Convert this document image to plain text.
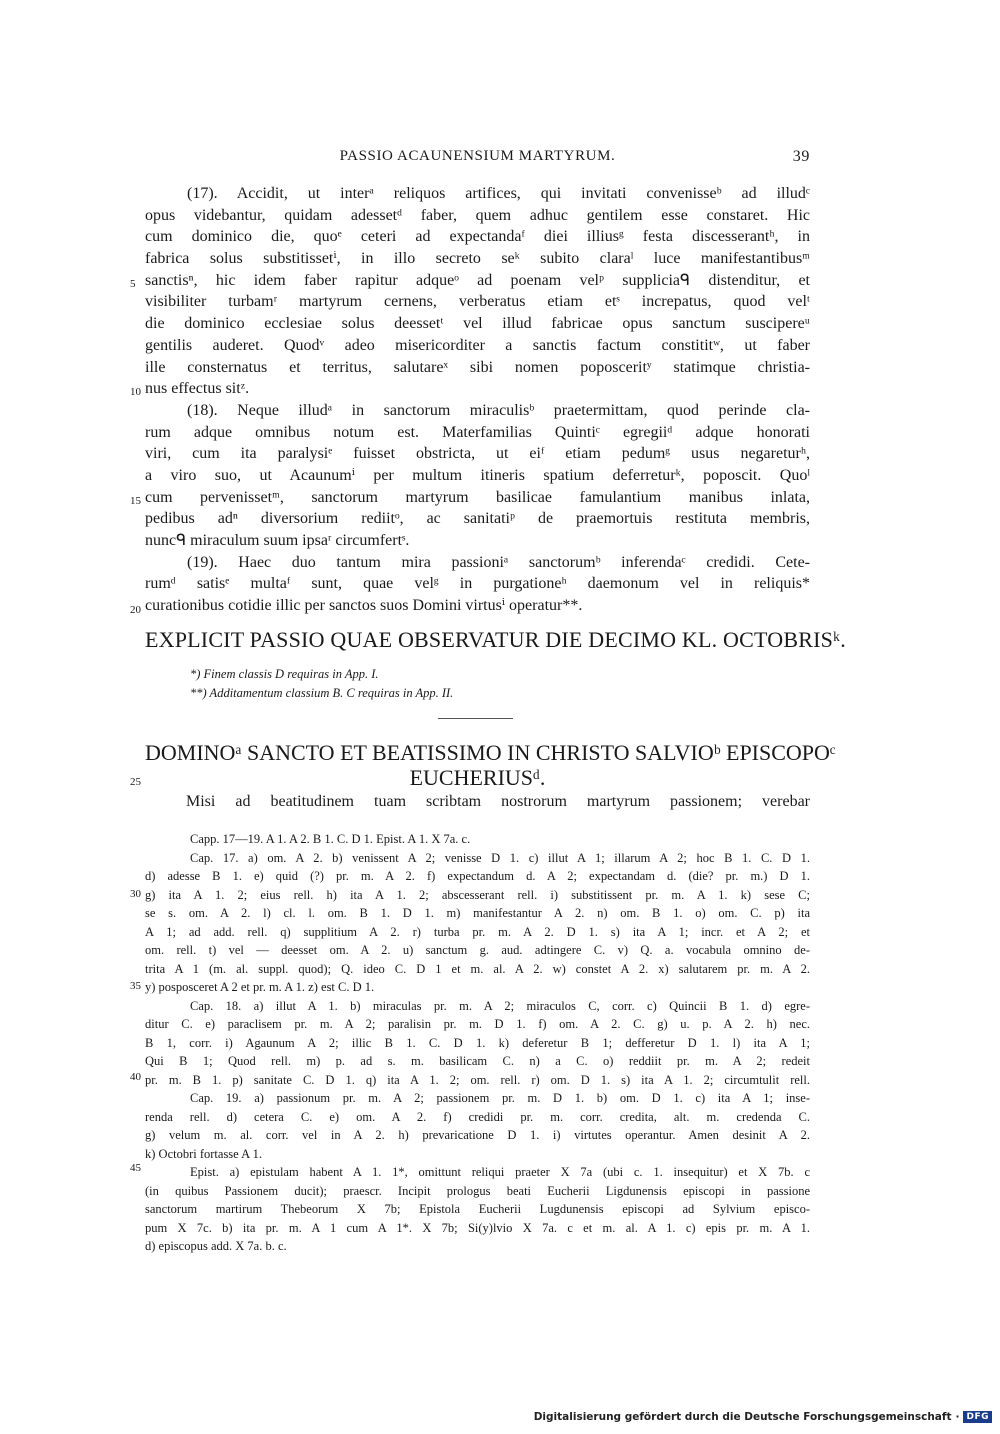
PASSIO ACAUNENSIUM MARTYRUM.	39
(17). Accidit, ut interᵃ reliquos artifices, qui invitati convenisseᵇ ad illudᶜ
opus videbantur, quidam adessetᵈ faber, quem adhuc gentilem esse constaret. Hic
cum dominico die, quoᵉ ceteri ad expectandaᶠ diei illiusᵍ festa discesserantʰ, in
fabrica solus substitissetⁱ, in illo secreto seᵏ subito claraˡ luce manifestantibusᵐ
sanctisⁿ, hic idem faber rapitur adqueᵒ ad poenam velᵖ suppliciaᑫ distenditur, et
visibiliter turbamʳ martyrum cernens, verberatus etiam etˢ increpatus, quod velᵗ
die dominico ecclesiae solus deessetᵗ vel illud fabricae opus sanctum suscipereᵘ
gentilis auderet. Quodᵛ adeo misericorditer a sanctis factum constititʷ, ut faber
ille consternatus et territus, salutareˣ sibi nomen poposceritʸ statimque christia-
nus effectus sitᶻ.
(18). Neque illudᵃ in sanctorum miraculisᵇ praetermittam, quod perinde cla-
rum adque omnibus notum est. Materfamilias Quintiᶜ egregiiᵈ adque honorati
viri, cum ita paralysiᵉ fuisset obstricta, ut eiᶠ etiam pedumᵍ usus negareturʰ,
a viro suo, ut Acaunumⁱ per multum itineris spatium deferreturᵏ, poposcit. Quoˡ
cum pervenissetᵐ, sanctorum martyrum basilicae famulantium manibus inlata,
pedibus adⁿ diversorium rediitᵒ, ac sanitatiᵖ de praemortuis restituta membris,
nuncᑫ miraculum suum ipsaʳ circumfertˢ.
(19). Haec duo tantum mira passioniᵃ sanctorumᵇ inferendaᶜ credidi. Cete-
rumᵈ satisᵉ multaᶠ sunt, quae velᵍ in purgationeʰ daemonum vel in reliquis*
curationibus cotidie illic per sanctos suos Domini virtusⁱ operatur**.
5
10
15
20
25
30
35
40
45
EXPLICIT PASSIO QUAE OBSERVATUR DIE DECIMO KL. OCTOBRISᵏ.
*) Finem classis D requiras in App. I.
**) Additamentum classium B. C requiras in App. II.
DOMINOᵃ SANCTO ET BEATISSIMO IN CHRISTO SALVIOᵇ EPISCOPOᶜ
EUCHERIUSᵈ.
Misi ad beatitudinem tuam scribtam nostrorum martyrum passionem; verebar
Capp. 17—19. A 1. A 2. B 1. C. D 1. Epist. A 1. X 7a. c.
Cap. 17. a) om. A 2. b) venissent A 2; venisse D 1. c) illut A 1; illarum A 2; hoc B 1. C. D 1.
d) adesse B 1. e) quid (?) pr. m. A 2. f) expectandum d. A 2; expectandam d. (die? pr. m.) D 1.
g) ita A 1. 2; eius rell. h) ita A 1. 2; abscesserant rell. i) substitissent pr. m. A 1. k) sese C;
se s. om. A 2. l) cl. l. om. B 1. D 1. m) manifestantur A 2. n) om. B 1. o) om. C. p) ita
A 1; ad add. rell. q) supplitium A 2. r) turba pr. m. A 2. D 1. s) ita A 1; incr. et A 2; et
om. rell. t) vel — deesset om. A 2. u) sanctum g. aud. adtingere C. v) Q. a. vocabula omnino de-
trita A 1 (m. al. suppl. quod); Q. ideo C. D 1 et m. al. A 2. w) constet A 2. x) salutarem pr. m. A 2.
y) posposceret A 2 et pr. m. A 1. z) est C. D 1.
Cap. 18. a) illut A 1. b) miraculas pr. m. A 2; miraculos C, corr. c) Quincii B 1. d) egre-
ditur C. e) paraclisem pr. m. A 2; paralisin pr. m. D 1. f) om. A 2. C. g) u. p. A 2. h) nec.
B 1, corr. i) Agaunum A 2; illic B 1. C. D 1. k) deferetur B 1; defferetur D 1. l) ita A 1;
Qui B 1; Quod rell. m) p. ad s. m. basilicam C. n) a C. o) reddiit pr. m. A 2; redeit
pr. m. B 1. p) sanitate C. D 1. q) ita A 1. 2; om. rell. r) om. D 1. s) ita A 1. 2; circumtulit rell.
Cap. 19. a) passionum pr. m. A 2; passionem pr. m. D 1. b) om. D 1. c) ita A 1; inse-
renda rell. d) cetera C. e) om. A 2. f) credidi pr. m. corr. credita, alt. m. credenda C.
g) velum m. al. corr. vel in A 2. h) prevaricatione D 1. i) virtutes operantur. Amen desinit A 2.
k) Octobri fortasse A 1.
Epist. a) epistulam habent A 1. 1*, omittunt reliqui praeter X 7a (ubi c. 1. insequitur) et X 7b. c
(in quibus Passionem ducit); praescr. Incipit prologus beati Eucherii Ligdunensis episcopi in passione
sanctorum martirum Thebeorum X 7b; Epistola Eucherii Lugdunensis episcopi ad Sylvium episco-
pum X 7c. b) ita pr. m. A 1 cum A 1*. X 7b; Si(y)lvio X 7a. c et m. al. A 1. c) epis pr. m. A 1.
d) episcopus add. X 7a. b. c.
Digitalisierung gefördert durch die Deutsche Forschungsgemeinschaft · DFG
